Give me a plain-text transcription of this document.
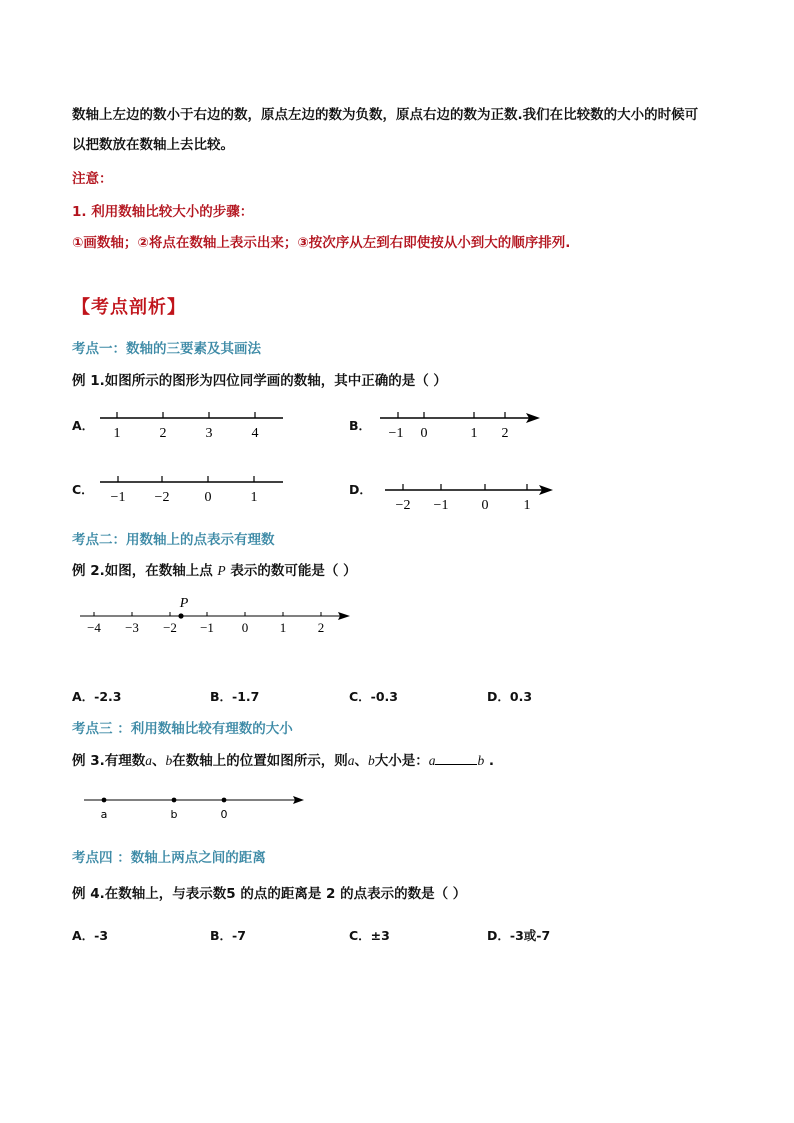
数轴上左边的数小于右边的数，原点左边的数为负数，原点右边的数为正数.我们在比较数的大小的时候可
以把数放在数轴上去比较。
注意：
1. 利用数轴比较大小的步骤：
①画数轴；②将点在数轴上表示出来；③按次序从左到右即使按从小到大的顺序排列.
【考点剖析】
考点一：数轴的三要素及其画法
例 1.如图所示的图形为四位同学画的数轴，其中正确的是（ ）
A．
1	2	3	4
B．
−1 0	1 2
C．
−1 −2	0	1
D．
−2 −1 0	1
考点二：用数轴上的点表示有理数
例 2.如图，在数轴上点 P 表示的数可能是（ ）
P
−4 −3 −2 −1 0 1 2
A．-2.3	B．-1.7	C．-0.3	D．0.3
考点三 ：利用数轴比较有理数的大小
例 3.有理数a、b在数轴上的位置如图所示，则a、b大小是：a	b .
a	b	0
考点四 ：数轴上两点之间的距离
例 4.在数轴上，与表示数5 的点的距离是 2 的点表示的数是（ ）
A．-3	B．-7	C．±3	D．-3或-7
